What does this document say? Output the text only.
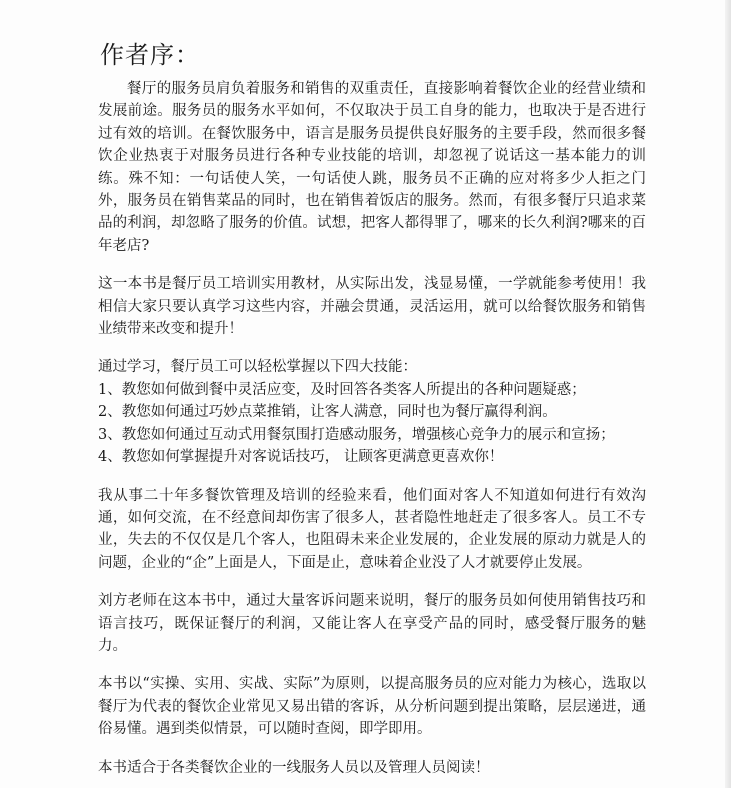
作者序：

餐厅的服务员肩负着服务和销售的双重责任，直接影响着餐饮企业的经营业绩和发展前途。服务员的服务水平如何，不仅取决于员工自身的能力，也取决于是否进行过有效的培训。在餐饮服务中，语言是服务员提供良好服务的主要手段，然而很多餐饮企业热衷于对服务员进行各种专业技能的培训，却忽视了说话这一基本能力的训练。殊不知：一句话使人笑，一句话使人跳，服务员不正确的应对将多少人拒之门外，服务员在销售菜品的同时，也在销售着饭店的服务。然而，有很多餐厅只追求菜品的利润，却忽略了服务的价值。试想，把客人都得罪了，哪来的长久利润?哪来的百年老店?

这一本书是餐厅员工培训实用教材，从实际出发，浅显易懂，一学就能参考使用！我相信大家只要认真学习这些内容，并融会贯通，灵活运用，就可以给餐饮服务和销售业绩带来改变和提升！

通过学习，餐厅员工可以轻松掌握以下四大技能：

1、教您如何做到餐中灵活应变，及时回答各类客人所提出的各种问题疑惑；

2、教您如何通过巧妙点菜推销，让客人满意，同时也为餐厅赢得利润。

3、教您如何通过互动式用餐氛围打造感动服务，增强核心竞争力的展示和宣扬；

4、教您如何掌握提升对客说话技巧， 让顾客更满意更喜欢你！

我从事二十年多餐饮管理及培训的经验来看，他们面对客人不知道如何进行有效沟通，如何交流，在不经意间却伤害了很多人，甚者隐性地赶走了很多客人。员工不专业，失去的不仅仅是几个客人，也阻碍未来企业发展的，企业发展的原动力就是人的问题，企业的“企”上面是人，下面是止，意味着企业没了人才就要停止发展。

刘方老师在这本书中，通过大量客诉问题来说明，餐厅的服务员如何使用销售技巧和语言技巧，既保证餐厅的利润，又能让客人在享受产品的同时，感受餐厅服务的魅力。

本书以“实操、实用、实战、实际”为原则，以提高服务员的应对能力为核心，选取以餐厅为代表的餐饮企业常见又易出错的客诉，从分析问题到提出策略，层层递进，通俗易懂。遇到类似情景，可以随时查阅，即学即用。

本书适合于各类餐饮企业的一线服务人员以及管理人员阅读！
